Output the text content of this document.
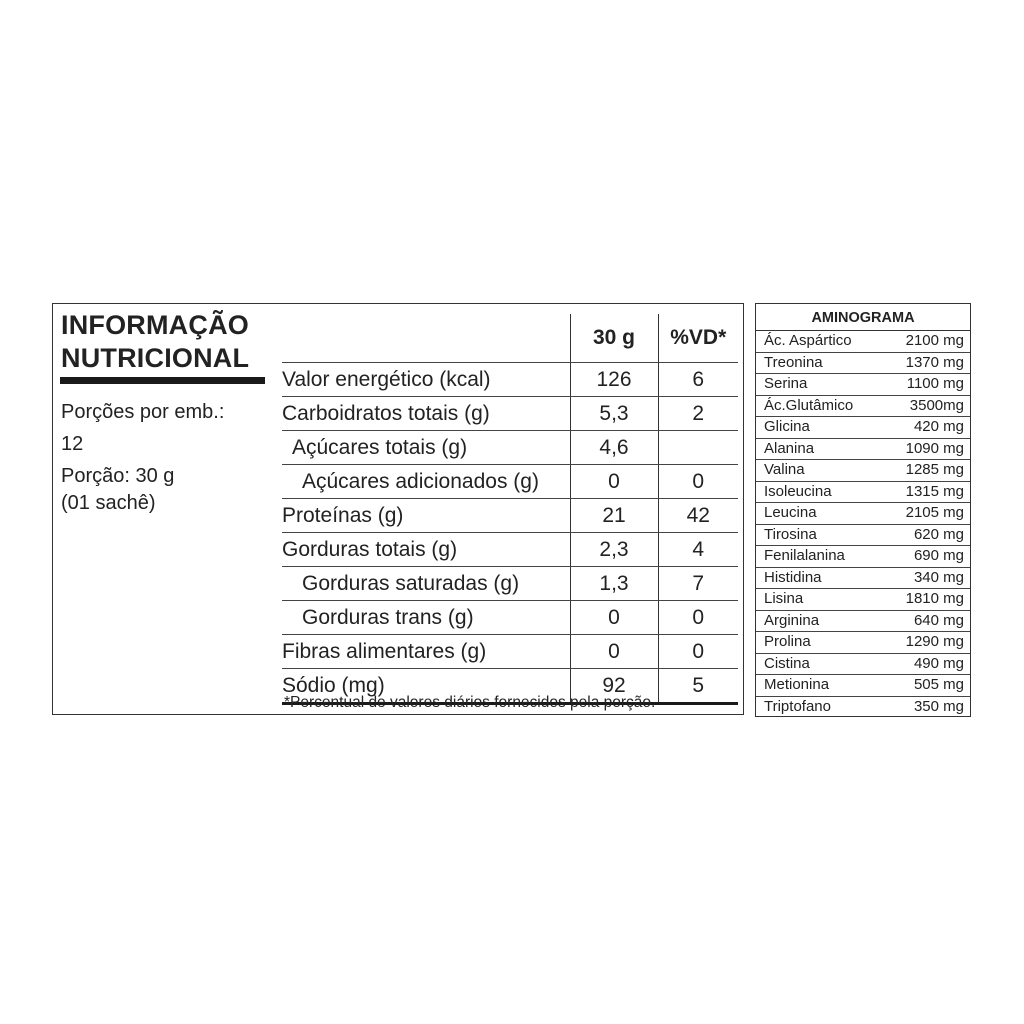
INFORMAÇÃO
NUTRICIONAL
Porções por emb.:
12
Porção: 30 g
(01 sachê)
	30 g	%VD*
Valor energético (kcal)	126	6
Carboidratos totais (g)	5,3	2
Açúcares totais (g)	4,6	
Açúcares adicionados (g)	0	0
Proteínas (g)	21	42
Gorduras totais (g)	2,3	4
Gorduras saturadas (g)	1,3	7
Gorduras trans (g)	0	0
Fibras alimentares (g)	0	0
Sódio (mg)	92	5
*Percentual de valores diários fornecidos pela porção.
AMINOGRAMA
Ác. Aspártico	2100 mg
Treonina	1370 mg
Serina	1100 mg
Ác.Glutâmico	3500mg
Glicina	420 mg
Alanina	1090 mg
Valina	1285 mg
Isoleucina	1315 mg
Leucina	2105 mg
Tirosina	620 mg
Fenilalanina	690 mg
Histidina	340 mg
Lisina	1810 mg
Arginina	640 mg
Prolina	1290 mg
Cistina	490 mg
Metionina	505 mg
Triptofano	350 mg
